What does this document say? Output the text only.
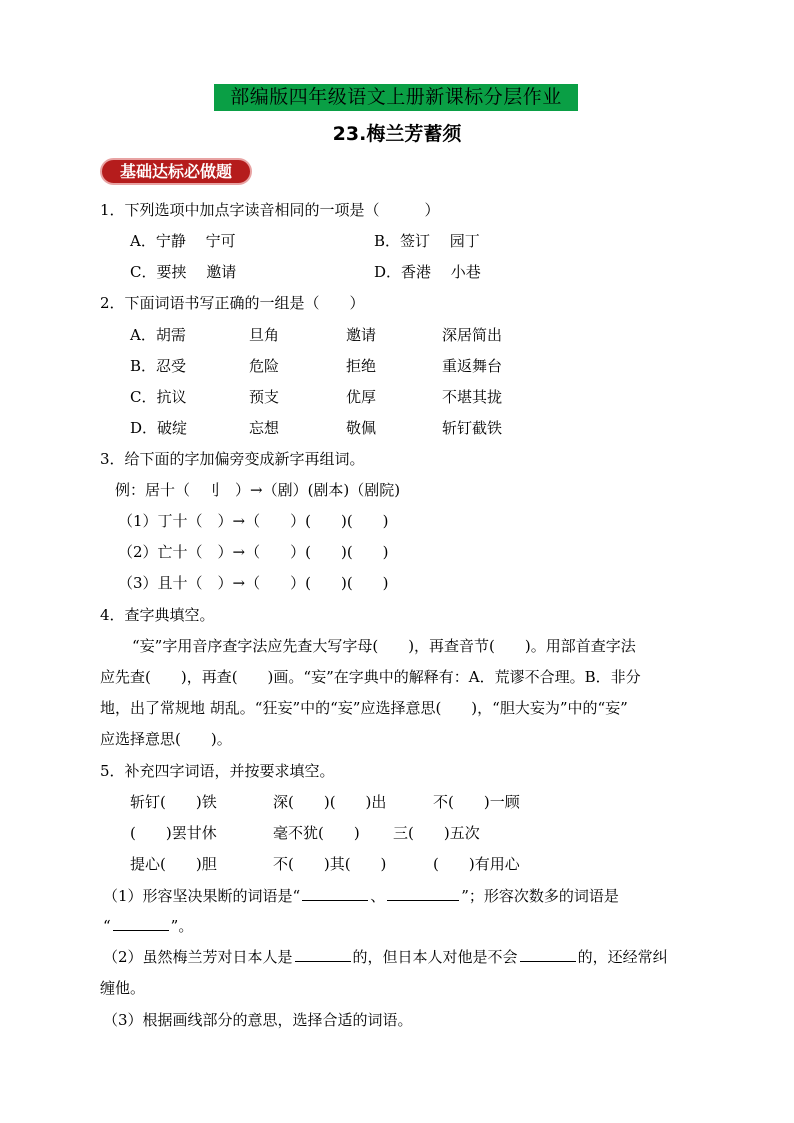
部编版四年级语文上册新课标分层作业
23.梅兰芳蓄须
基础达标必做题
1．下列选项中加点字读音相同的一项是（　　　）
A．宁静　 宁可	B．签订　 园丁
C．要挟　 邀请	D．香港　 小巷
2．下面词语书写正确的一组是（　　）
A．胡需	旦角	邀请	深居简出
B．忍受	危险	拒绝	重返舞台
C．抗议	预支	优厚	不堪其拢
D．破绽	忘想	敬佩	斩钉截铁
3．给下面的字加偏旁变成新字再组词。
例：居十（　刂　）→（剧）(剧本)（剧院)
（1）丁十（　）→（　　）(　　)(　　)
（2）亡十（　）→（　　）(　　)(　　)
（3）且十（　）→（　　）(　　)(　　)
4．查字典填空。
“妄”字用音序查字法应先查大写字母(　　)，再查音节(　　)。用部首查字法
应先查(　　)，再查(　　)画。“妄”在字典中的解释有：A．荒谬不合理。B．非分
地，出了常规地 胡乱。“狂妄”中的“妄”应选择意思(　　)，“胆大妄为”中的“妄”
应选择意思(　　)。
5．补充四字词语，并按要求填空。
斩钉(　　)铁	深(　　)(　　)出	不(　　)一顾
(　　)罢甘休	毫不犹(　　) 三(　　)五次
提心(　　)胆	不(　　)其(　　)	(　　)有用心
（1）形容坚决果断的词语是“	、	”；形容次数多的词语是
“	”。
（2）虽然梅兰芳对日本人是	的，但日本人对他是不会	的，还经常纠
缠他。
（3）根据画线部分的意思，选择合适的词语。
